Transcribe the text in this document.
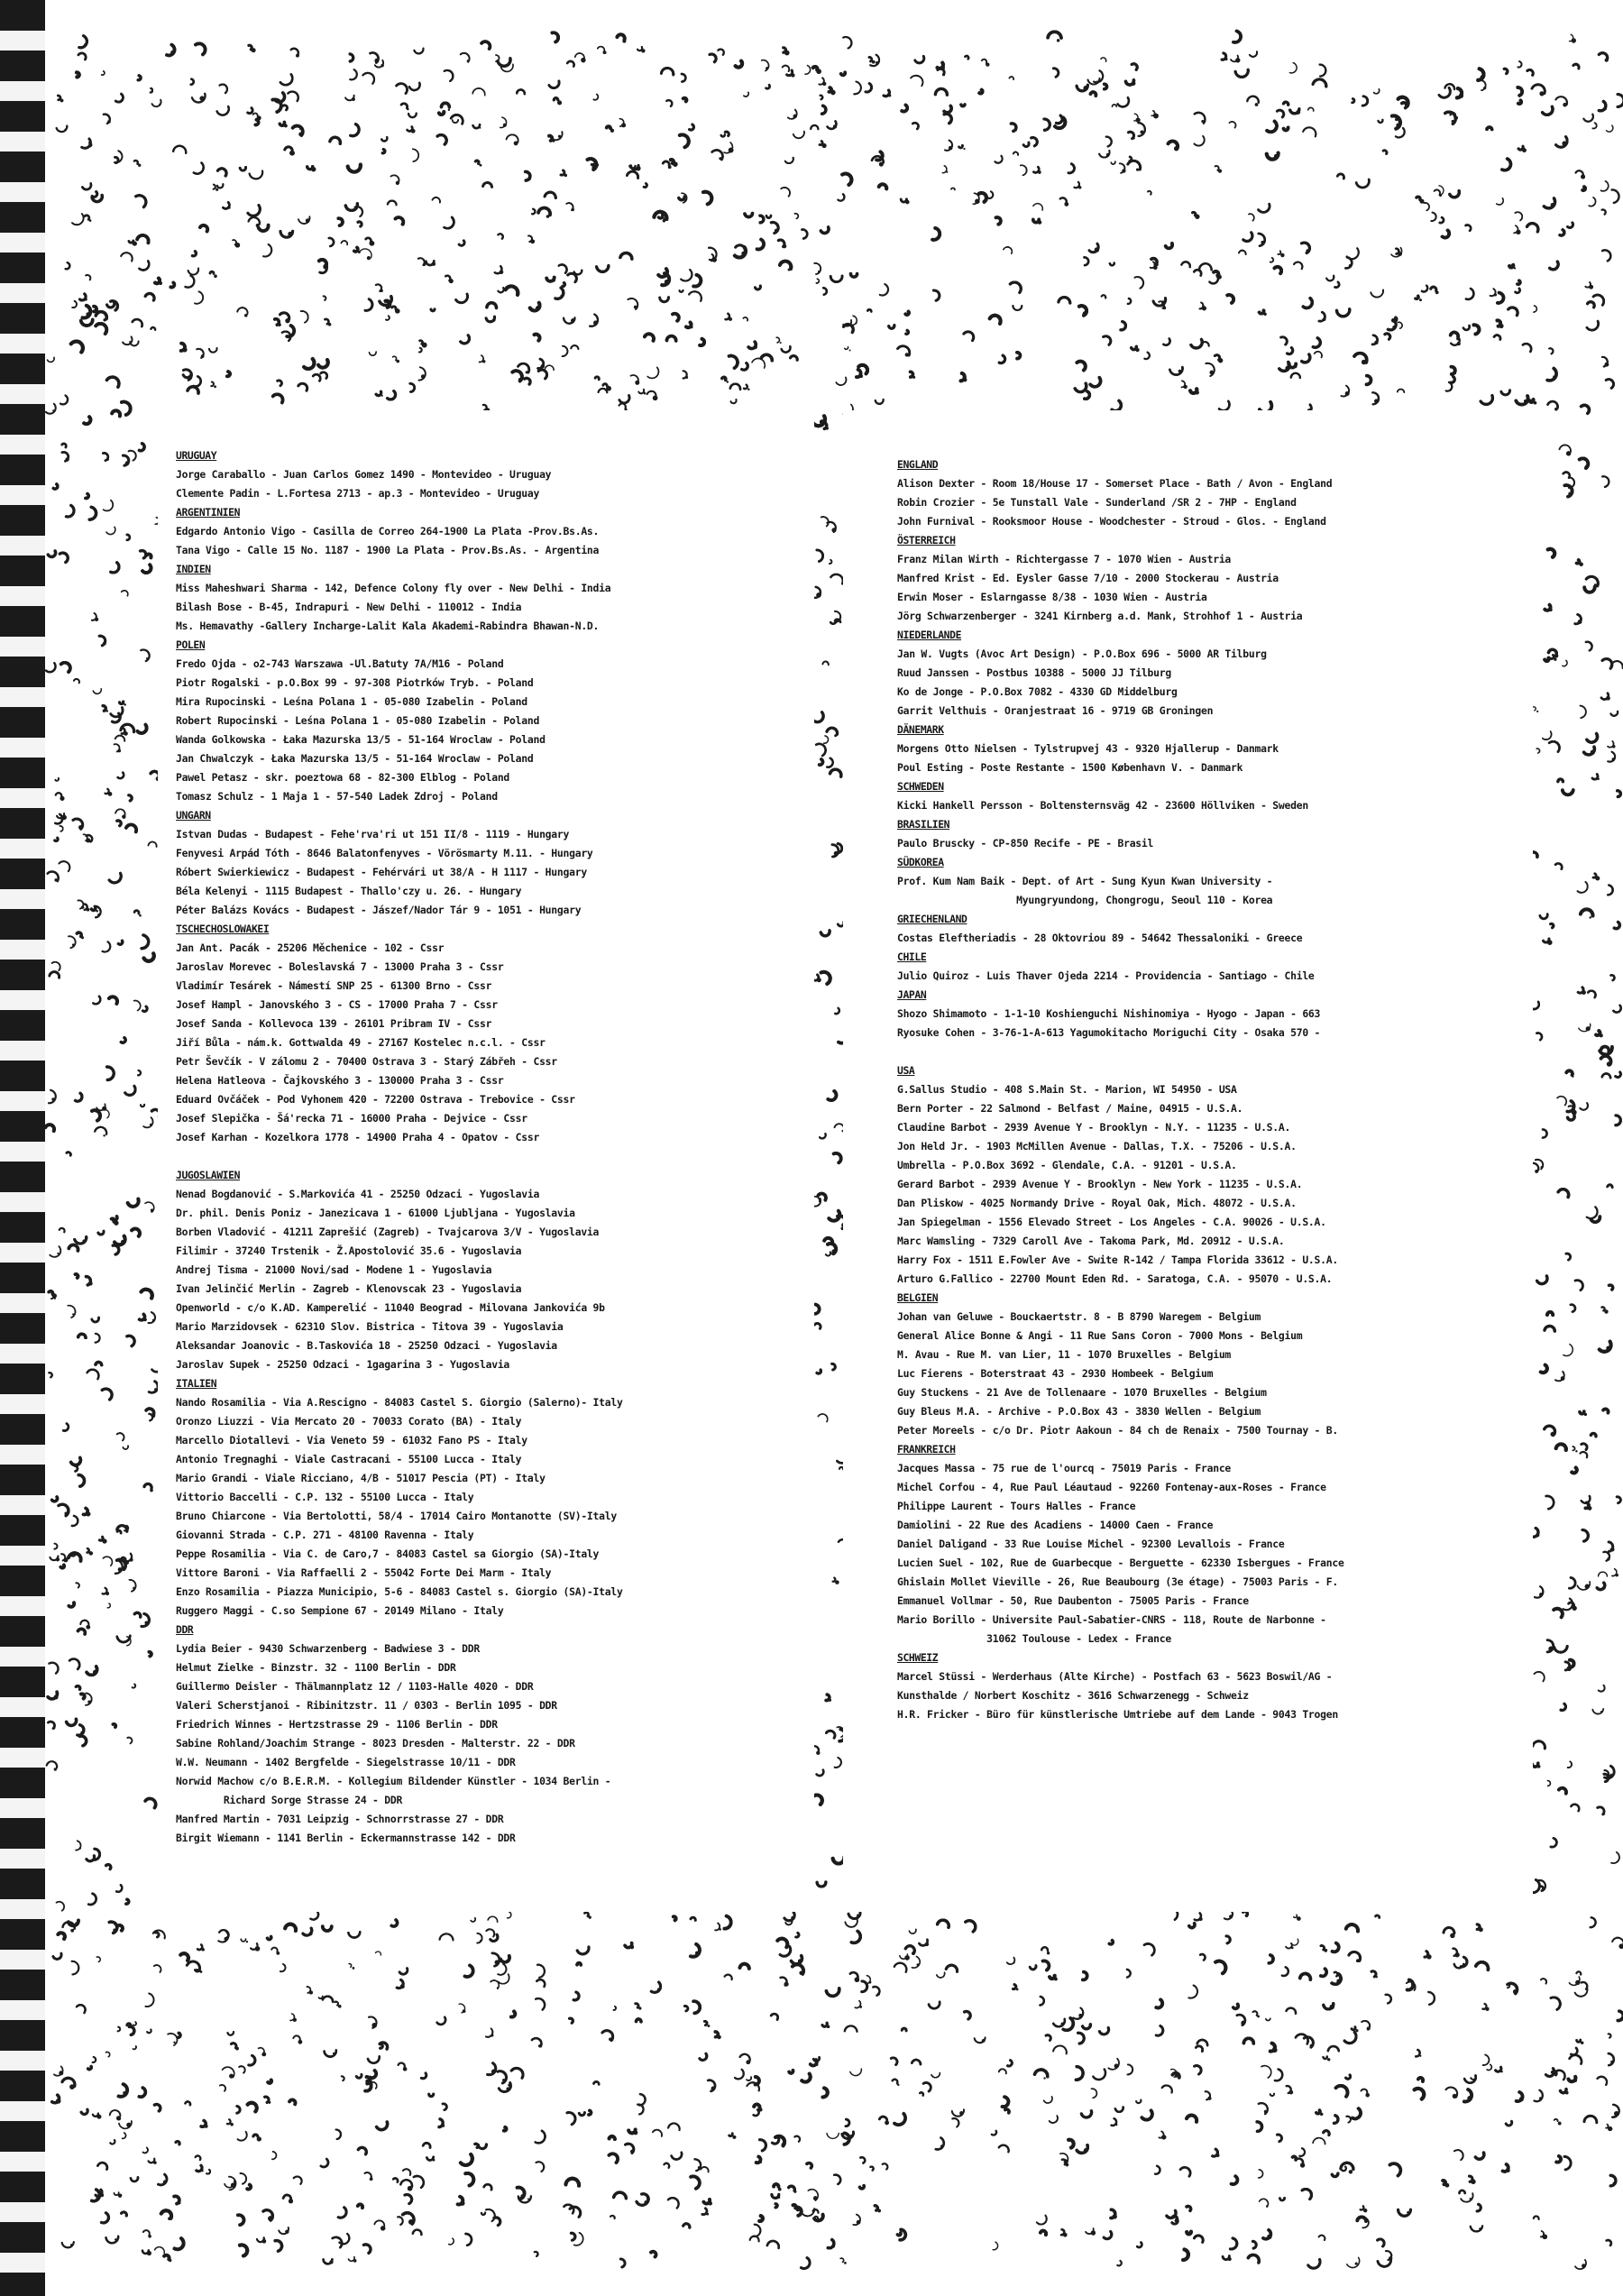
URUGUAY
Jorge Caraballo - Juan Carlos Gomez 1490 - Montevideo - Uruguay
Clemente Padin - L.Fortesa 2713 - ap.3 - Montevideo - Uruguay
ARGENTINIEN
Edgardo Antonio Vigo - Casilla de Correo 264-1900 La Plata -Prov.Bs.As.
Tana Vigo - Calle 15 No. 1187 - 1900 La Plata - Prov.Bs.As. - Argentina
INDIEN
Miss Maheshwari Sharma - 142, Defence Colony fly over - New Delhi - India
Bilash Bose - B-45, Indrapuri - New Delhi - 110012 - India
Ms. Hemavathy -Gallery Incharge-Lalit Kala Akademi-Rabindra Bhawan-N.D.
POLEN
Fredo Ojda - o2-743 Warszawa -Ul.Batuty 7A/M16 - Poland
Piotr Rogalski - p.O.Box 99 - 97-308 Piotrków Tryb. - Poland
Mira Rupocinski - Leśna Polana 1 - 05-080 Izabelin - Poland
Robert Rupocinski - Leśna Polana 1 - 05-080 Izabelin - Poland
Wanda Golkowska - Łaka Mazurska 13/5 - 51-164 Wroclaw - Poland
Jan Chwalczyk - Łaka Mazurska 13/5 - 51-164 Wroclaw - Poland
Pawel Petasz - skr. poeztowa 68 - 82-300 Elblog - Poland
Tomasz Schulz - 1 Maja 1 - 57-540 Ladek Zdroj - Poland
UNGARN
Istvan Dudas - Budapest - Fehe'rva'ri ut 151 II/8 - 1119 - Hungary
Fenyvesi Arpád Tóth - 8646 Balatonfenyves - Vörösmarty M.11. - Hungary
Róbert Swierkiewicz - Budapest - Fehérvári ut 38/A - H 1117 - Hungary
Béla Kelenyi - 1115 Budapest - Thallo'czy u. 26. - Hungary
Péter Balázs Kovács - Budapest - Jászef/Nador Tár 9 - 1051 - Hungary
TSCHECHOSLOWAKEI
Jan Ant. Pacák - 25206 Měchenice - 102 - Cssr
Jaroslav Morevec - Boleslavská 7 - 13000 Praha 3 - Cssr
Vladimír Tesárek - Námestí SNP 25 - 61300 Brno - Cssr
Josef Hampl - Janovského 3 - CS - 17000 Praha 7 - Cssr
Josef Sanda - Kollevoca 139 - 26101 Pribram IV - Cssr
Jiří Bůla - nám.k. Gottwalda 49 - 27167 Kostelec n.c.l. - Cssr
Petr Ševčík - V zálomu 2 - 70400 Ostrava 3 - Starý Zábřeh - Cssr
Helena Hatleova - Čajkovského 3 - 130000 Praha 3 - Cssr
Eduard Ovčáček - Pod Vyhonem 420 - 72200 Ostrava - Trebovice - Cssr
Josef Slepička - Šá'recka 71 - 16000 Praha - Dejvice - Cssr
Josef Karhan - Kozelkora 1778 - 14900 Praha 4 - Opatov - Cssr
JUGOSLAWIEN
Nenad Bogdanović - S.Markovića 41 - 25250 Odzaci - Yugoslavia
Dr. phil. Denis Poniz - Janezicava 1 - 61000 Ljubljana - Yugoslavia
Borben Vladović - 41211 Zaprešić (Zagreb) - Tvajcarova 3/V - Yugoslavia
Filimir - 37240 Trstenik - Ž.Apostolović 35.6 - Yugoslavia
Andrej Tisma - 21000 Novi/sad - Modene 1 - Yugoslavia
Ivan Jelinčić Merlin - Zagreb - Klenovscak 23 - Yugoslavia
Openworld - c/o K.AD. Kamperelić - 11040 Beograd - Milovana Jankovića 9b
Mario Marzidovsek - 62310 Slov. Bistrica - Titova 39 - Yugoslavia
Aleksandar Joanovic - B.Taskovića 18 - 25250 Odzaci - Yugoslavia
Jaroslav Supek - 25250 Odzaci - 1gagarina 3 - Yugoslavia
ITALIEN
Nando Rosamilia - Via A.Rescigno - 84083 Castel S. Giorgio (Salerno)- Italy
Oronzo Liuzzi - Via Mercato 20 - 70033 Corato (BA) - Italy
Marcello Diotallevi - Via Veneto 59 - 61032 Fano PS - Italy
Antonio Tregnaghi - Viale Castracani - 55100 Lucca - Italy
Mario Grandi - Viale Ricciano, 4/B - 51017 Pescia (PT) - Italy
Vittorio Baccelli - C.P. 132 - 55100 Lucca - Italy
Bruno Chiarcone - Via Bertolotti, 58/4 - 17014 Cairo Montanotte (SV)-Italy
Giovanni Strada - C.P. 271 - 48100 Ravenna - Italy
Peppe Rosamilia - Via C. de Caro,7 - 84083 Castel sa Giorgio (SA)-Italy
Vittore Baroni - Via Raffaelli 2 - 55042 Forte Dei Marm - Italy
Enzo Rosamilia - Piazza Municipio, 5-6 - 84083 Castel s. Giorgio (SA)-Italy
Ruggero Maggi - C.so Sempione 67 - 20149 Milano - Italy
DDR
Lydia Beier - 9430 Schwarzenberg - Badwiese 3 - DDR
Helmut Zielke - Binzstr. 32 - 1100 Berlin - DDR
Guillermo Deisler - Thälmannplatz 12 / 1103-Halle 4020 - DDR
Valeri Scherstjanoi - Ribinitzstr. 11 / 0303 - Berlin 1095 - DDR
Friedrich Winnes - Hertzstrasse 29 - 1106 Berlin - DDR
Sabine Rohland/Joachim Strange - 8023 Dresden - Malterstr. 22 - DDR
W.W. Neumann - 1402 Bergfelde - Siegelstrasse 10/11 - DDR
Norwid Machow c/o B.E.R.M. - Kollegium Bildender Künstler - 1034 Berlin -
Richard Sorge Strasse 24 - DDR
Manfred Martin - 7031 Leipzig - Schnorrstrasse 27 - DDR
Birgit Wiemann - 1141 Berlin - Eckermannstrasse 142 - DDR
ENGLAND
Alison Dexter - Room 18/House 17 - Somerset Place - Bath / Avon - England
Robin Crozier - 5e Tunstall Vale - Sunderland /SR 2 - 7HP - England
John Furnival - Rooksmoor House - Woodchester - Stroud - Glos. - England
ÖSTERREICH
Franz Milan Wirth - Richtergasse 7 - 1070 Wien - Austria
Manfred Krist - Ed. Eysler Gasse 7/10 - 2000 Stockerau - Austria
Erwin Moser - Eslarngasse 8/38 - 1030 Wien - Austria
Jörg Schwarzenberger - 3241 Kirnberg a.d. Mank, Strohhof 1 - Austria
NIEDERLANDE
Jan W. Vugts (Avoc Art Design) - P.O.Box 696 - 5000 AR Tilburg
Ruud Janssen - Postbus 10388 - 5000 JJ Tilburg
Ko de Jonge - P.O.Box 7082 - 4330 GD Middelburg
Garrit Velthuis - Oranjestraat 16 - 9719 GB Groningen
DÄNEMARK
Morgens Otto Nielsen - Tylstrupvej 43 - 9320 Hjallerup - Danmark
Poul Esting - Poste Restante - 1500 København V. - Danmark
SCHWEDEN
Kicki Hankell Persson - Boltensternsväg 42 - 23600 Höllviken - Sweden
BRASILIEN
Paulo Bruscky - CP-850 Recife - PE - Brasil
SÜDKOREA
Prof. Kum Nam Baik - Dept. of Art - Sung Kyun Kwan University -
Myungryundong, Chongrogu, Seoul 110 - Korea
GRIECHENLAND
Costas Eleftheriadis - 28 Oktovriou 89 - 54642 Thessaloniki - Greece
CHILE
Julio Quiroz - Luis Thaver Ojeda 2214 - Providencia - Santiago - Chile
JAPAN
Shozo Shimamoto - 1-1-10 Koshienguchi Nishinomiya - Hyogo - Japan - 663
Ryosuke Cohen - 3-76-1-A-613 Yagumokitacho Moriguchi City - Osaka 570 -
USA
G.Sallus Studio - 408 S.Main St. - Marion, WI 54950 - USA
Bern Porter - 22 Salmond - Belfast / Maine, 04915 - U.S.A.
Claudine Barbot - 2939 Avenue Y - Brooklyn - N.Y. - 11235 - U.S.A.
Jon Held Jr. - 1903 McMillen Avenue - Dallas, T.X. - 75206 - U.S.A.
Umbrella - P.O.Box 3692 - Glendale, C.A. - 91201 - U.S.A.
Gerard Barbot - 2939 Avenue Y - Brooklyn - New York - 11235 - U.S.A.
Dan Pliskow - 4025 Normandy Drive - Royal Oak, Mich. 48072 - U.S.A.
Jan Spiegelman - 1556 Elevado Street - Los Angeles - C.A. 90026 - U.S.A.
Marc Wamsling - 7329 Caroll Ave - Takoma Park, Md. 20912 - U.S.A.
Harry Fox - 1511 E.Fowler Ave - Swite R-142 / Tampa Florida 33612 - U.S.A.
Arturo G.Fallico - 22700 Mount Eden Rd. - Saratoga, C.A. - 95070 - U.S.A.
BELGIEN
Johan van Geluwe - Bouckaertstr. 8 - B 8790 Waregem - Belgium
General Alice Bonne & Angi - 11 Rue Sans Coron - 7000 Mons - Belgium
M. Avau - Rue M. van Lier, 11 - 1070 Bruxelles - Belgium
Luc Fierens - Boterstraat 43 - 2930 Hombeek - Belgium
Guy Stuckens - 21 Ave de Tollenaare - 1070 Bruxelles - Belgium
Guy Bleus M.A. - Archive - P.O.Box 43 - 3830 Wellen - Belgium
Peter Moreels - c/o Dr. Piotr Aakoun - 84 ch de Renaix - 7500 Tournay - B.
FRANKREICH
Jacques Massa - 75 rue de l'ourcq - 75019 Paris - France
Michel Corfou - 4, Rue Paul Léautaud - 92260 Fontenay-aux-Roses - France
Philippe Laurent - Tours Halles - France
Damiolini - 22 Rue des Acadiens - 14000 Caen - France
Daniel Daligand - 33 Rue Louise Michel - 92300 Levallois - France
Lucien Suel - 102, Rue de Guarbecque - Berguette - 62330 Isbergues - France
Ghislain Mollet Vieville - 26, Rue Beaubourg (3e étage) - 75003 Paris - F.
Emmanuel Vollmar - 50, Rue Daubenton - 75005 Paris - France
Mario Borillo - Universite Paul-Sabatier-CNRS - 118, Route de Narbonne -
31062 Toulouse - Ledex - France
SCHWEIZ
Marcel Stüssi - Werderhaus (Alte Kirche) - Postfach 63 - 5623 Boswil/AG -
Kunsthalde / Norbert Koschitz - 3616 Schwarzenegg - Schweiz
H.R. Fricker - Büro für künstlerische Umtriebe auf dem Lande - 9043 Trogen
